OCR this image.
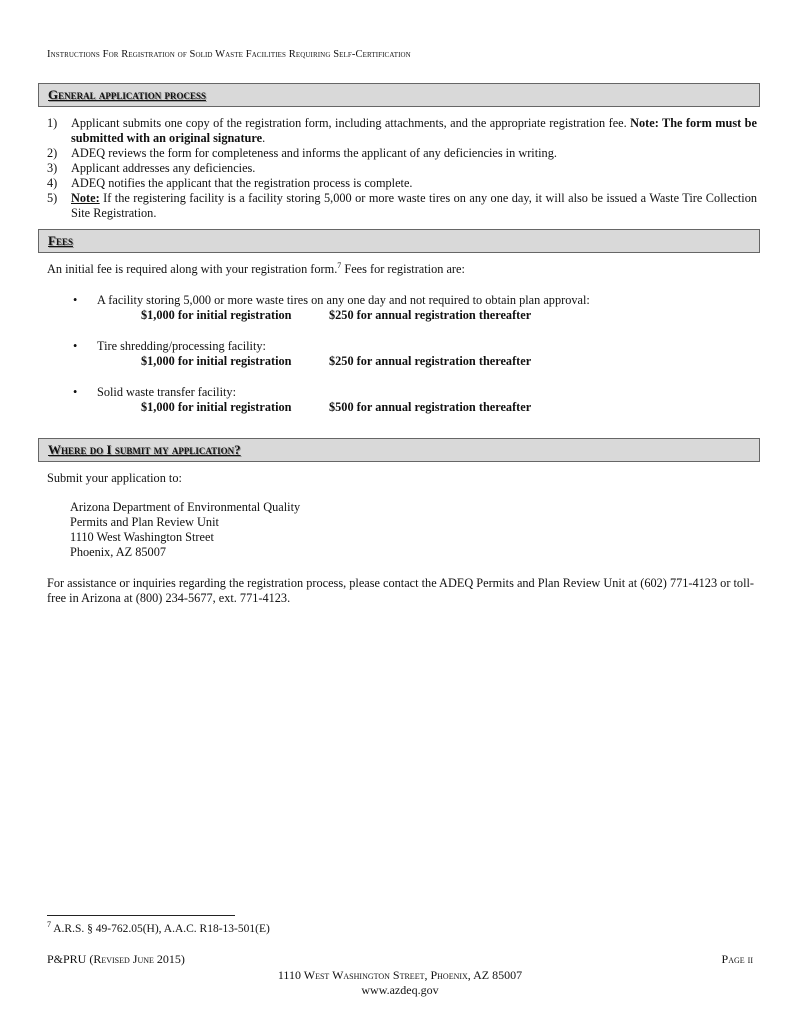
Instructions For Registration of Solid Waste Facilities Requiring Self-Certification
General application process
1) Applicant submits one copy of the registration form, including attachments, and the appropriate registration fee. Note: The form must be submitted with an original signature.
2) ADEQ reviews the form for completeness and informs the applicant of any deficiencies in writing.
3) Applicant addresses any deficiencies.
4) ADEQ notifies the applicant that the registration process is complete.
5) Note: If the registering facility is a facility storing 5,000 or more waste tires on any one day, it will also be issued a Waste Tire Collection Site Registration.
Fees
An initial fee is required along with your registration form.$^7$ Fees for registration are:
• A facility storing 5,000 or more waste tires on any one day and not required to obtain plan approval:
$1,000 for initial registration	$250 for annual registration thereafter
• Tire shredding/processing facility:
$1,000 for initial registration	$250 for annual registration thereafter
• Solid waste transfer facility:
$1,000 for initial registration	$500 for annual registration thereafter
Where do I submit my application?
Submit your application to:
Arizona Department of Environmental Quality
Permits and Plan Review Unit
1110 West Washington Street
Phoenix, AZ 85007
For assistance or inquiries regarding the registration process, please contact the ADEQ Permits and Plan Review Unit at (602) 771-4123 or toll-free in Arizona at (800) 234-5677, ext. 771-4123.
$^7$ A.R.S. § 49-762.05(H), A.A.C. R18-13-501(E)
P&PRU (Revised June 2015)	Page ii
1110 West Washington Street, Phoenix, AZ 85007
www.azdeq.gov
